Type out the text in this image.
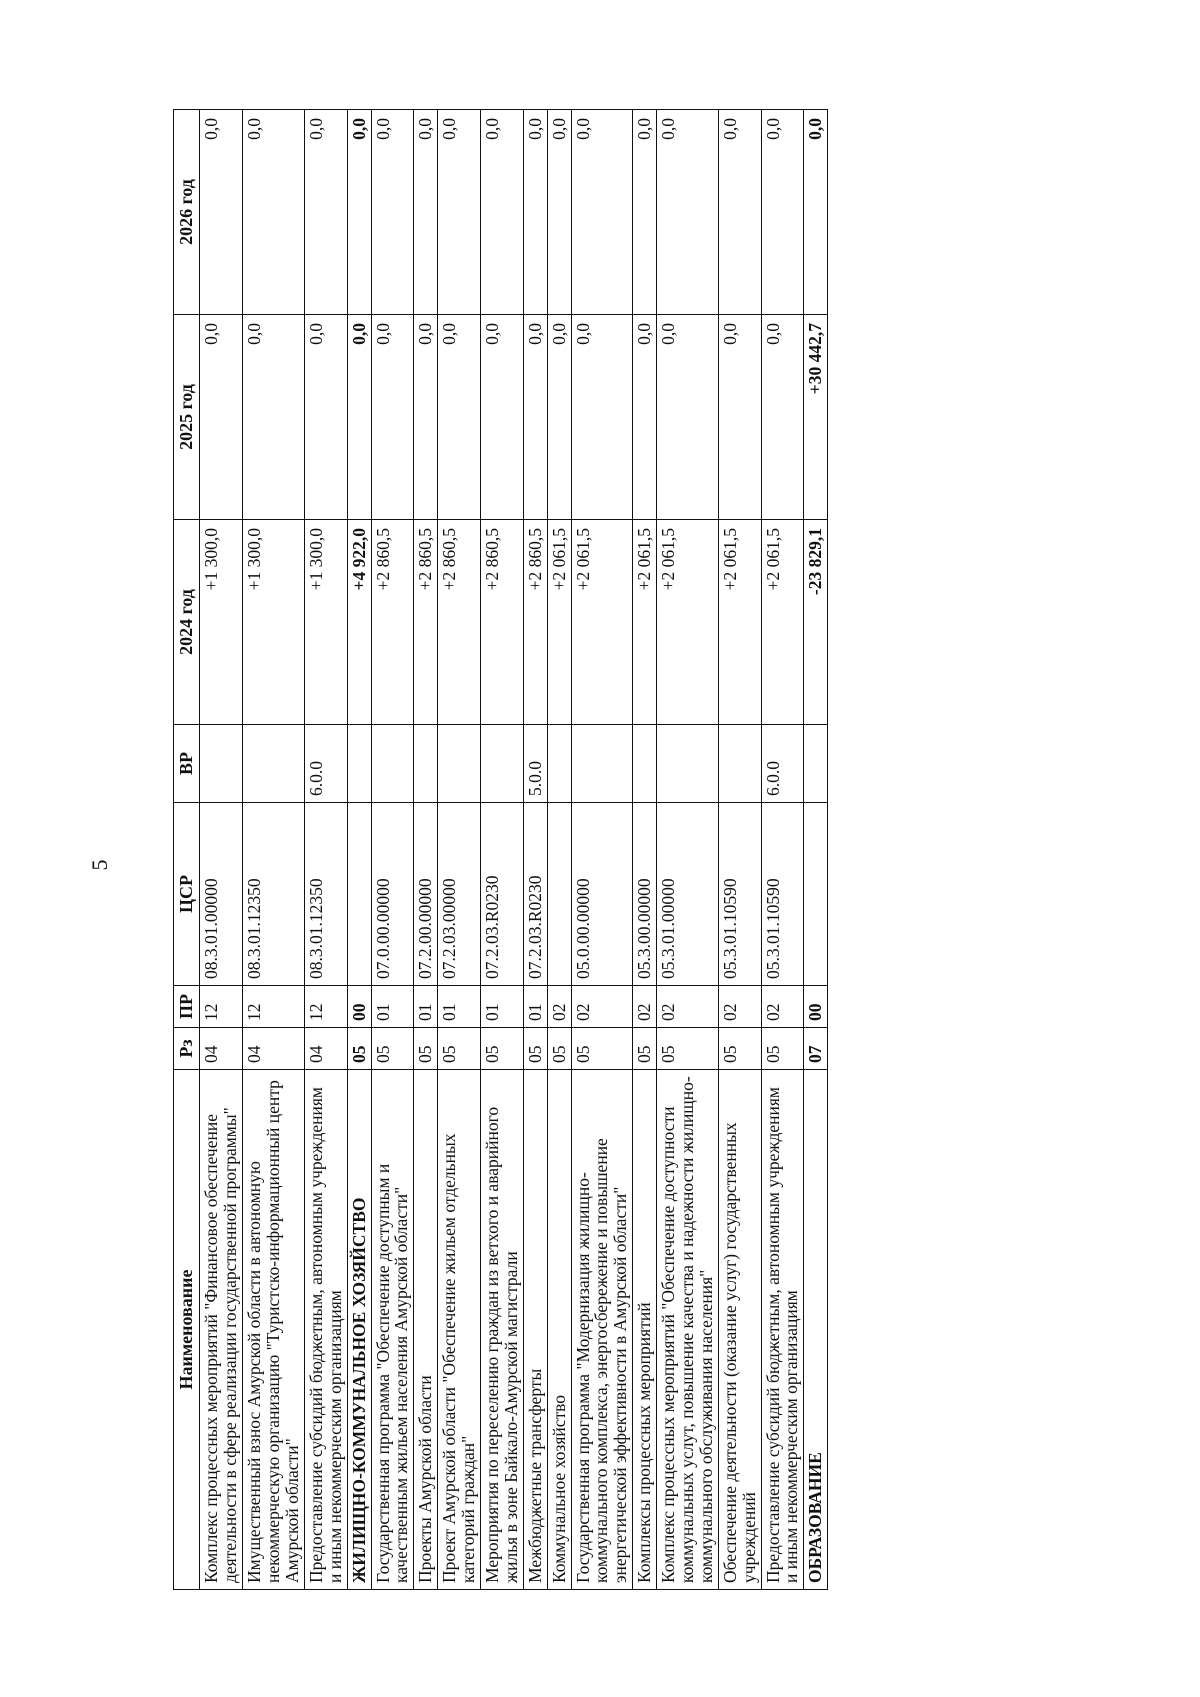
5
Наименование	Рз	ПР	ЦСР	ВР	2024 год	2025 год	2026 год
Комплекс процессных мероприятий "Финансовое обеспечение деятельности в сфере реализации государственной программы"	04	12	08.3.01.00000		+1 300,0	0,0	0,0
Имущественный взнос Амурской области в автономную некоммерческую организацию "Туристско-информационный центр Амурской области"	04	12	08.3.01.12350		+1 300,0	0,0	0,0
Предоставление субсидий бюджетным, автономным учреждениям и иным некоммерческим организациям	04	12	08.3.01.12350	6.0.0	+1 300,0	0,0	0,0
ЖИЛИЩНО-КОММУНАЛЬНОЕ ХОЗЯЙСТВО	05	00			+4 922,0	0,0	0,0
Государственная программа "Обеспечение доступным и качественным жильем населения Амурской области"	05	01	07.0.00.00000		+2 860,5	0,0	0,0
Проекты Амурской области	05	01	07.2.00.00000		+2 860,5	0,0	0,0
Проект Амурской области "Обеспечение жильем отдельных категорий граждан"	05	01	07.2.03.00000		+2 860,5	0,0	0,0
Мероприятия по переселению граждан из ветхого и аварийного жилья в зоне Байкало-Амурской магистрали	05	01	07.2.03.R0230		+2 860,5	0,0	0,0
Межбюджетные трансферты	05	01	07.2.03.R0230	5.0.0	+2 860,5	0,0	0,0
Коммунальное хозяйство	05	02			+2 061,5	0,0	0,0
Государственная программа "Модернизация жилищно-коммунального комплекса, энергосбережение и повышение энергетической эффективности в Амурской области"	05	02	05.0.00.00000		+2 061,5	0,0	0,0
Комплексы процессных мероприятий	05	02	05.3.00.00000		+2 061,5	0,0	0,0
Комплекс процессных мероприятий "Обеспечение доступности коммунальных услут, повышение качества и надежности жилищно-коммунального обслуживания населения"	05	02	05.3.01.00000		+2 061,5	0,0	0,0
Обеспечение деятельности (оказание услуг) государственных учреждений	05	02	05.3.01.10590		+2 061,5	0,0	0,0
Предоставление субсидий бюджетным, автономным учреждениям и иным некоммерческим организациям	05	02	05.3.01.10590	6.0.0	+2 061,5	0,0	0,0
ОБРАЗОВАНИЕ	07	00			-23 829,1	+30 442,7	0,0
